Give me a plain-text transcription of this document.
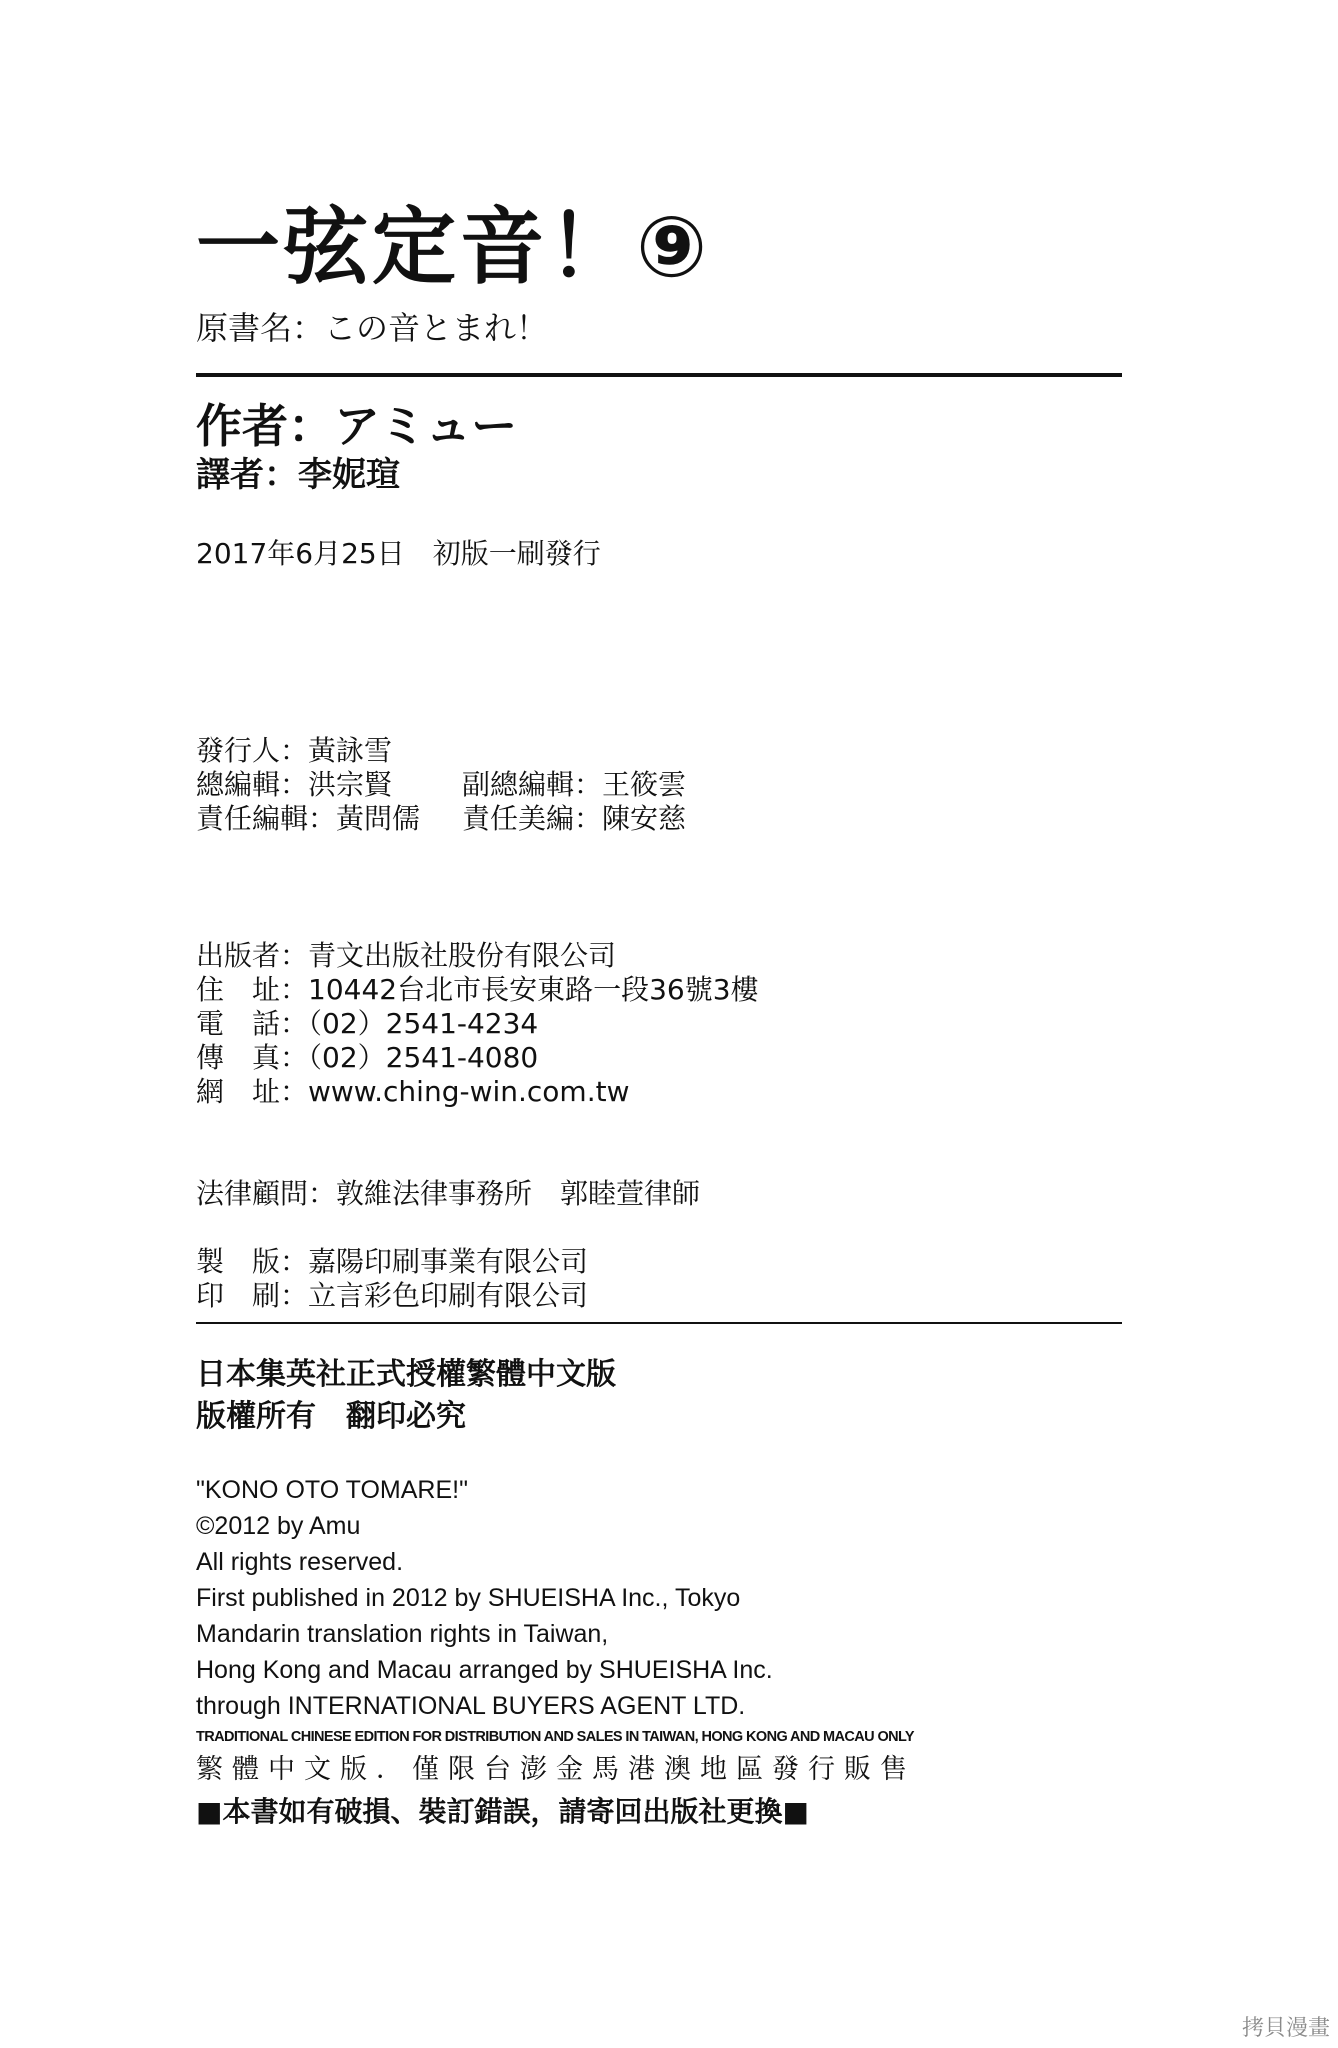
一弦定音！⑨
原書名：この音とまれ！
作者：アミュー
譯者：李妮瑄
2017年6月25日　初版一刷發行
發行人：黃詠雪
總編輯：洪宗賢 副總編輯：王筱雲
責任編輯：黃問儒 責任美編：陳安慈
出版者：青文出版社股份有限公司
住　址：10442台北市長安東路一段36號3樓
電　話：（02）2541-4234
傳　真：（02）2541-4080
網　址：www.ching-win.com.tw
法律顧問：敦維法律事務所　郭睦萱律師
製　版：嘉陽印刷事業有限公司
印　刷：立言彩色印刷有限公司
日本集英社正式授權繁體中文版
版權所有　翻印必究
"KONO OTO TOMARE!"
©2012 by Amu
All rights reserved.
First published in 2012 by SHUEISHA Inc., Tokyo
Mandarin translation rights in Taiwan,
Hong Kong and Macau arranged by SHUEISHA Inc.
through INTERNATIONAL BUYERS AGENT LTD.
TRADITIONAL CHINESE EDITION FOR DISTRIBUTION AND SALES IN TAIWAN, HONG KONG AND MACAU ONLY
繁體中文版．僅限台澎金馬港澳地區發行販售
■本書如有破損、裝訂錯誤，請寄回出版社更換■
拷貝漫畫
